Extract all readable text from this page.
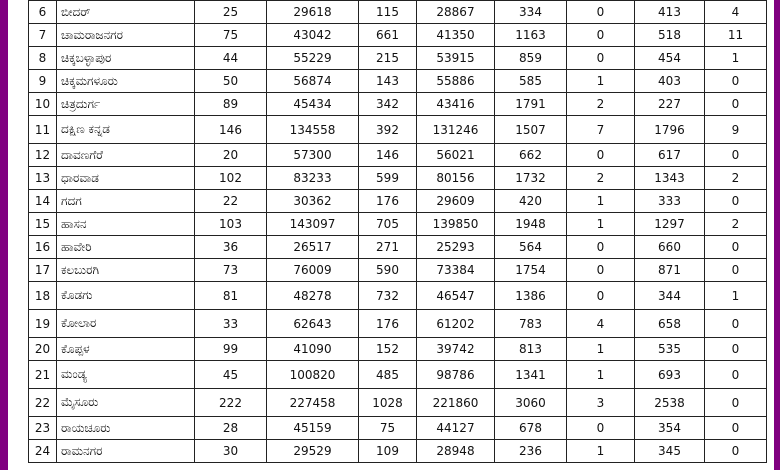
6	ಬೀದರ್	25	29618	115	28867	334	0	413	4
7	ಚಾಮರಾಜನಗರ	75	43042	661	41350	1163	0	518	11
8	ಚಿಕ್ಕಬಳ್ಳಾಪುರ	44	55229	215	53915	859	0	454	1
9	ಚಿಕ್ಕಮಗಳೂರು	50	56874	143	55886	585	1	403	0
10	ಚಿತ್ರದುರ್ಗ	89	45434	342	43416	1791	2	227	0
11	ದಕ್ಷಿಣ ಕನ್ನಡ	146	134558	392	131246	1507	7	1796	9
12	ದಾವಣಗೆರೆ	20	57300	146	56021	662	0	617	0
13	ಧಾರವಾಡ	102	83233	599	80156	1732	2	1343	2
14	ಗದಗ	22	30362	176	29609	420	1	333	0
15	ಹಾಸನ	103	143097	705	139850	1948	1	1297	2
16	ಹಾವೇರಿ	36	26517	271	25293	564	0	660	0
17	ಕಲಬುರಗಿ	73	76009	590	73384	1754	0	871	0
18	ಕೊಡಗು	81	48278	732	46547	1386	0	344	1
19	ಕೋಲಾರ	33	62643	176	61202	783	4	658	0
20	ಕೊಪ್ಪಳ	99	41090	152	39742	813	1	535	0
21	ಮಂಡ್ಯ	45	100820	485	98786	1341	1	693	0
22	ಮೈಸೂರು	222	227458	1028	221860	3060	3	2538	0
23	ರಾಯಚೂರು	28	45159	75	44127	678	0	354	0
24	ರಾಮನಗರ	30	29529	109	28948	236	1	345	0
